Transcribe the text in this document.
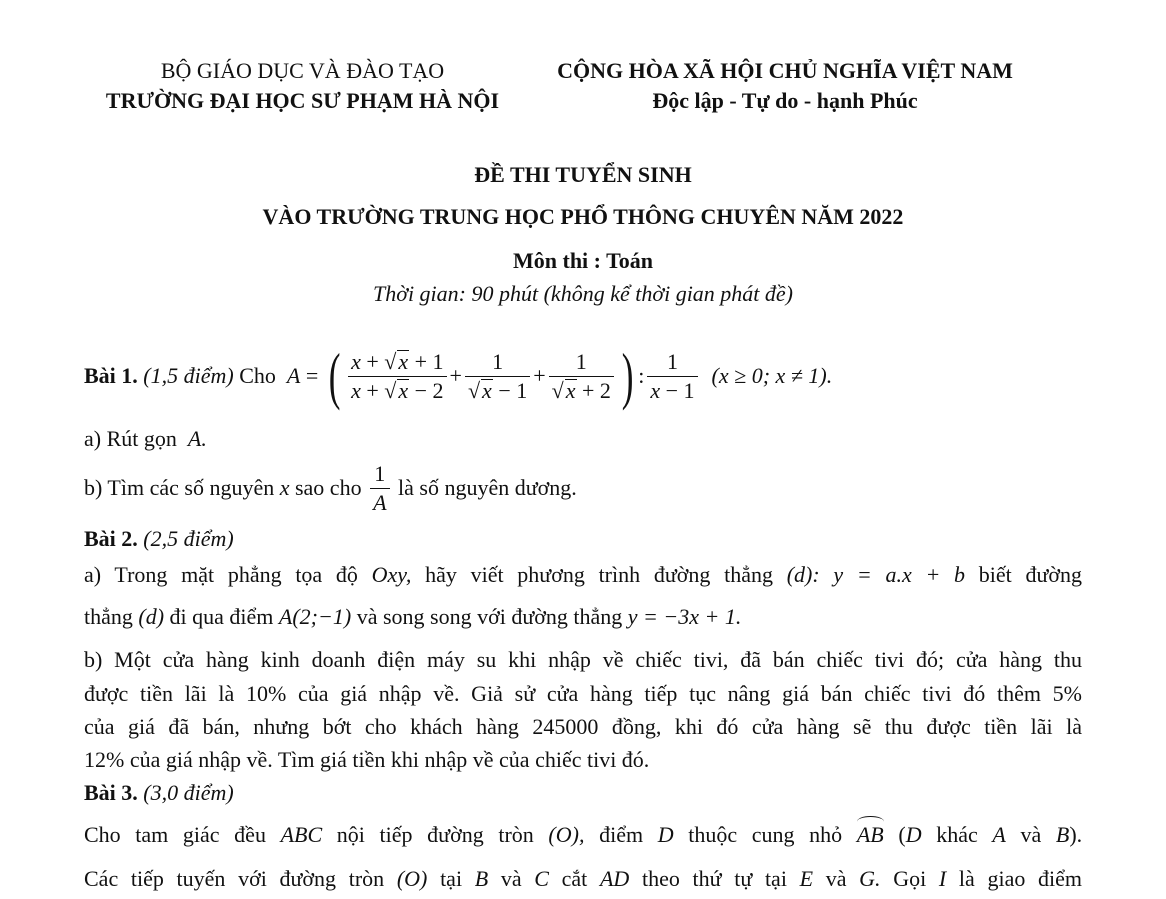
BỘ GIÁO DỤC VÀ ĐÀO TẠO
TRƯỜNG ĐẠI HỌC SƯ PHẠM HÀ NỘI
CỘNG HÒA XÃ HỘI CHỦ NGHĨA VIỆT NAM
Độc lập - Tự do - hạnh Phúc
ĐỀ THI TUYỂN SINH
VÀO TRƯỜNG TRUNG HỌC PHỔ THÔNG CHUYÊN NĂM 2022
Môn thi : Toán
Thời gian: 90 phút (không kể thời gian phát đề)
Bài 1.
(1,5 điểm)
Cho
A = ( $\frac{x + √x + 1}{x + √x - 2} + \frac{1}{√x - 1} + \frac{1}{√x + 2}$ ) : $\frac{1}{x - 1}$
(x ≥ 0; x ≠ 1).
a) Rút gọn A.
b) Tìm các số nguyên
x
sao cho
$\frac{1}{A}$
là số nguyên dương.
Bài 2. (2,5 điểm)
a) Trong mặt phẳng tọa độ Oxy, hãy viết phương trình đường thẳng (d): y = a.x + b biết đường
thẳng (d) đi qua điểm A(2;−1) và song song với đường thẳng y = −3x + 1.
b) Một cửa hàng kinh doanh điện máy su khi nhập về chiếc tivi, đã bán chiếc tivi đó; cửa hàng thu
được tiền lãi là 10% của giá nhập về. Giả sử cửa hàng tiếp tục nâng giá bán chiếc tivi đó thêm 5%
của giá đã bán, nhưng bớt cho khách hàng 245000 đồng, khi đó cửa hàng sẽ thu được tiền lãi là
12% của giá nhập về. Tìm giá tiền khi nhập về của chiếc tivi đó.
Bài 3. (3,0 điểm)
Cho tam giác đều ABC nội tiếp đường tròn (O), điểm D thuộc cung nhỏ AB (D khác A và B).
Các tiếp tuyến với đường tròn (O) tại B và C cắt AD theo thứ tự tại E và G. Gọi I là giao điểm
